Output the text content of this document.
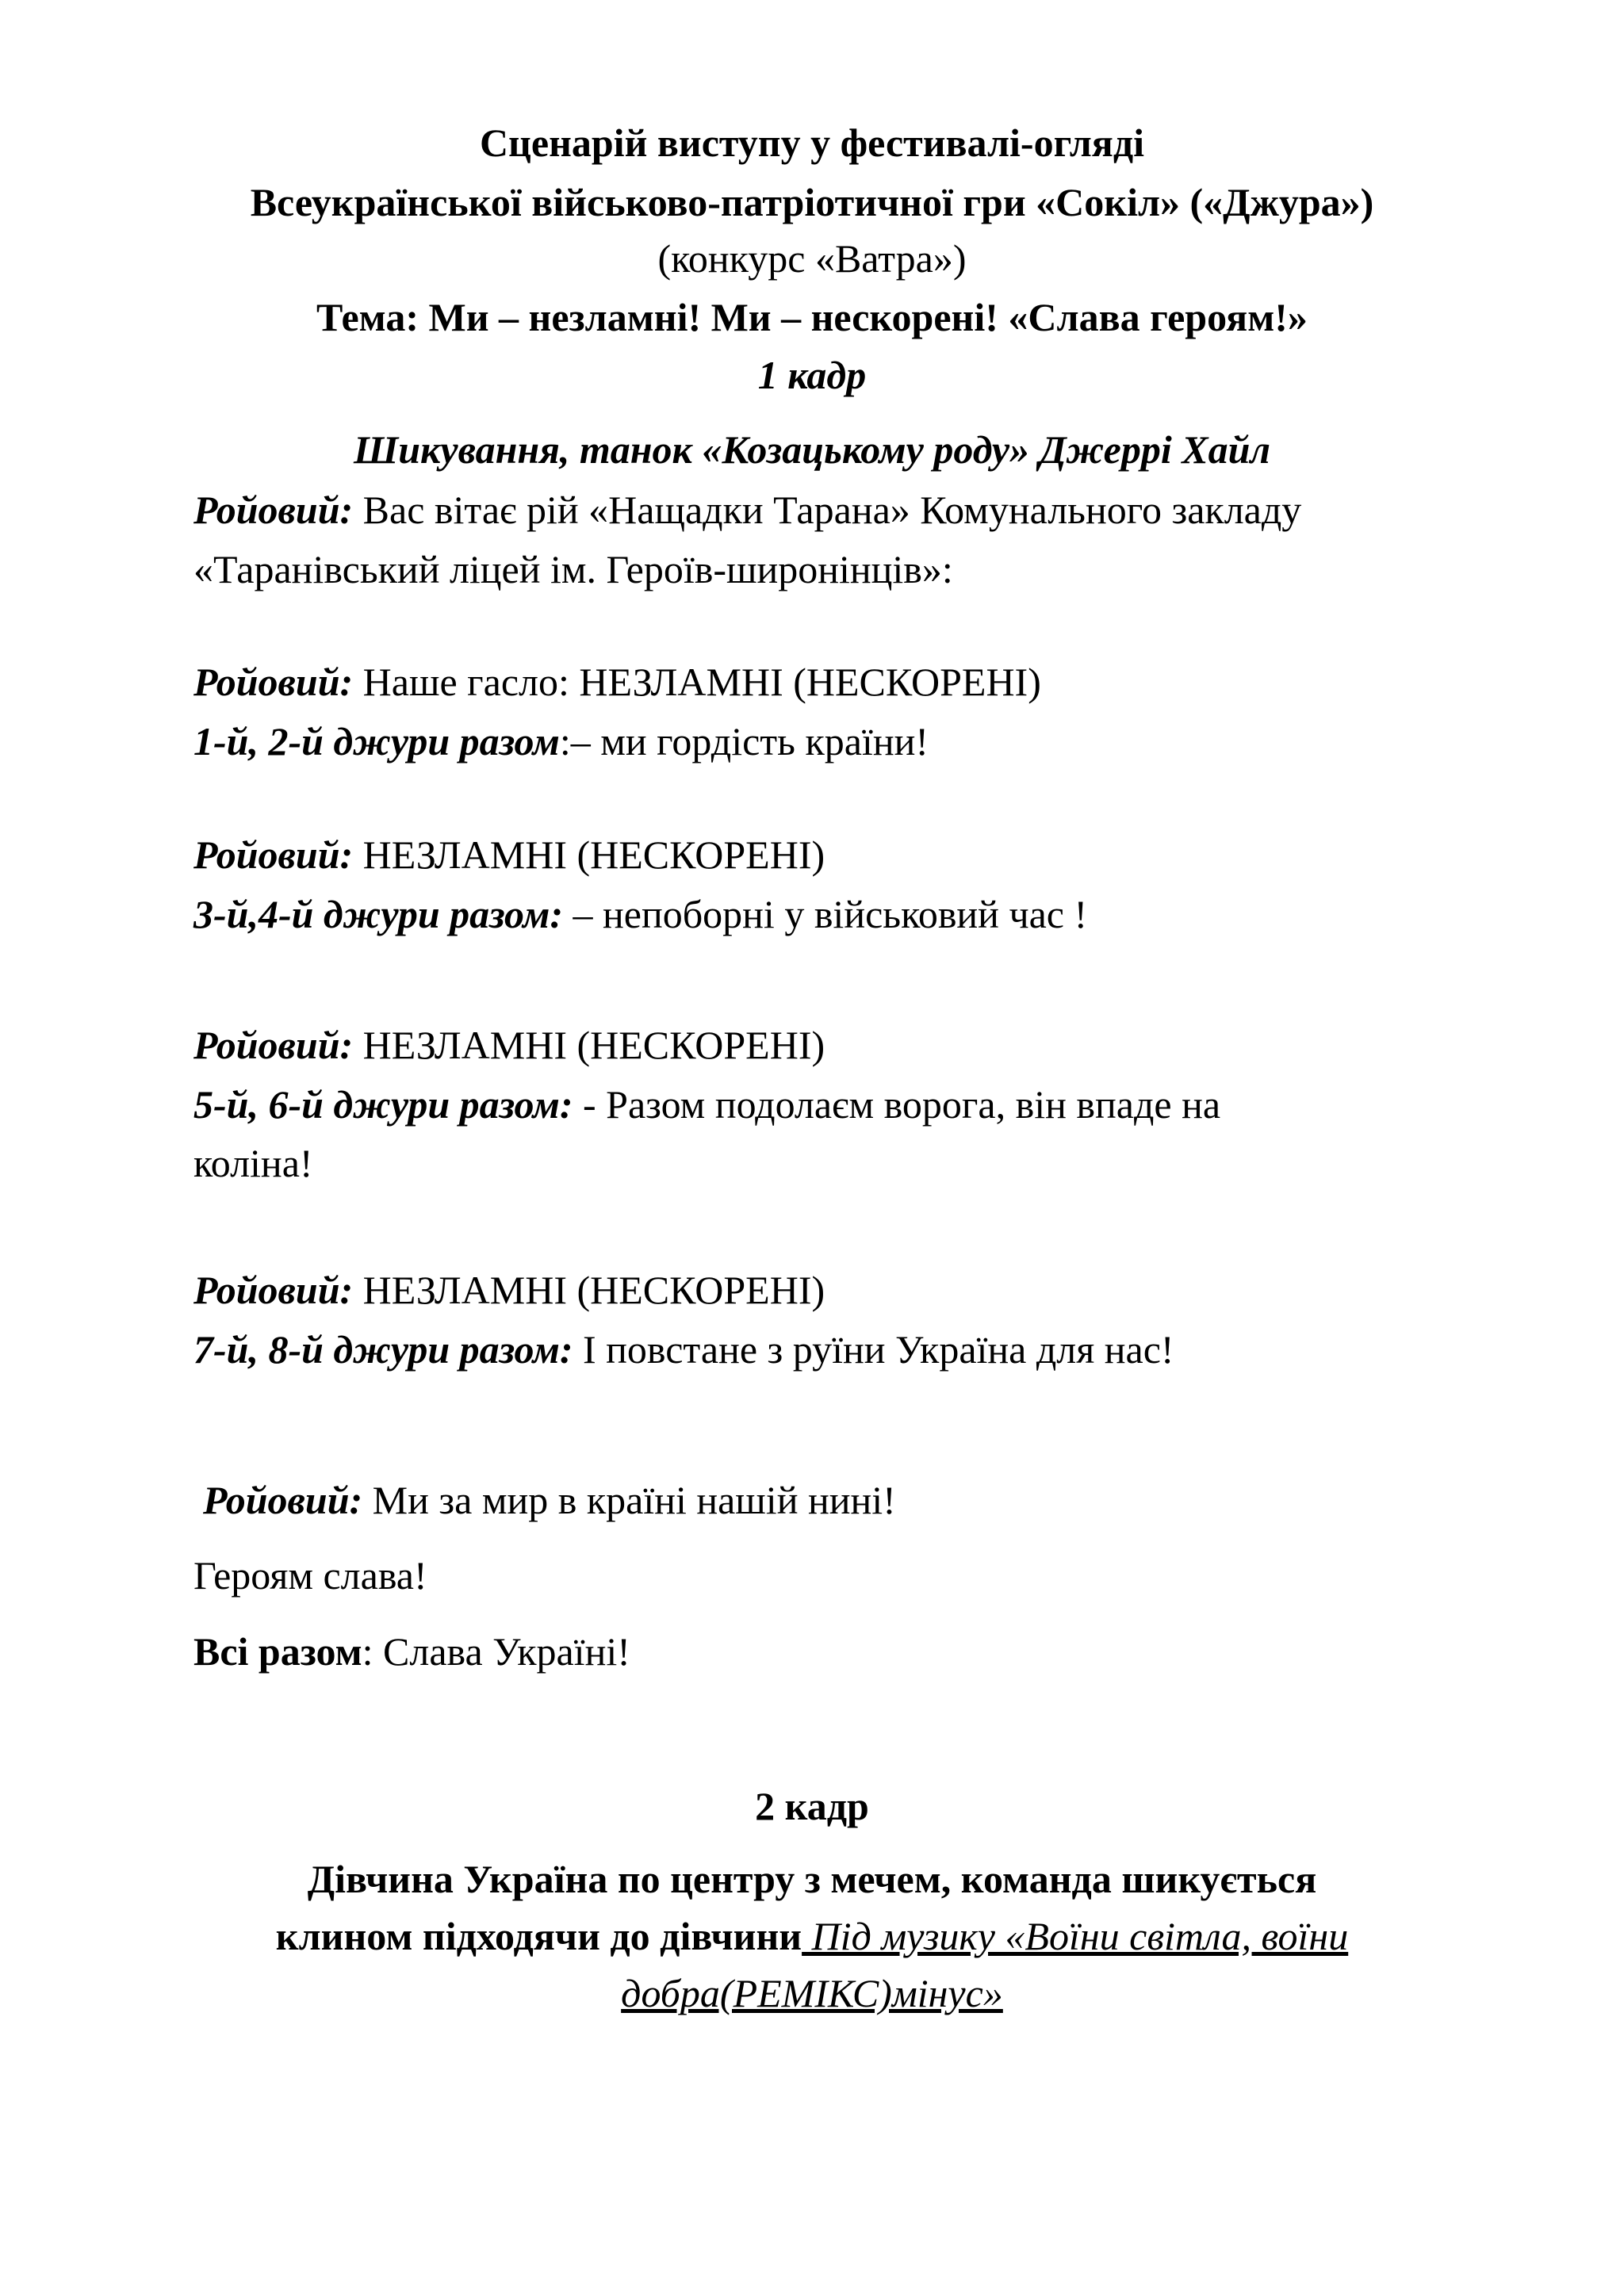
Сценарій виступу у фестивалі-огляді
Всеукраїнської військово-патріотичної гри «Сокіл» («Джура»)
(конкурс «Ватра»)
Тема: Ми – незламні! Ми – нескорені! «Слава героям!»
1 кадр
Шикування, танок «Козацькому роду» Джеррі Хайл
Ройовий: Вас вітає рій «Нащадки Тарана» Комунального закладу
«Таранівський ліцей ім. Героїв-широнінців»:
Ройовий: Наше гасло: НЕЗЛАМНІ (НЕСКОРЕНІ)
1-й, 2-й джури разом:– ми гордість країни!
Ройовий: НЕЗЛАМНІ (НЕСКОРЕНІ)
3-й,4-й джури разом: – непоборні у військовий час !
Ройовий: НЕЗЛАМНІ (НЕСКОРЕНІ)
5-й, 6-й джури разом: - Разом подолаєм ворога, він впаде на
коліна!
Ройовий: НЕЗЛАМНІ (НЕСКОРЕНІ)
7-й, 8-й джури разом: І повстане з руїни Україна для нас!
Ройовий: Ми за мир в країні нашій нині!
Героям слава!
Всі разом: Слава Україні!
2 кадр
Дівчина Україна по центру з мечем, команда шикується
клином підходячи до дівчини Під музику «Воїни світла, воїни
добра(РЕМІКС)мінус»
